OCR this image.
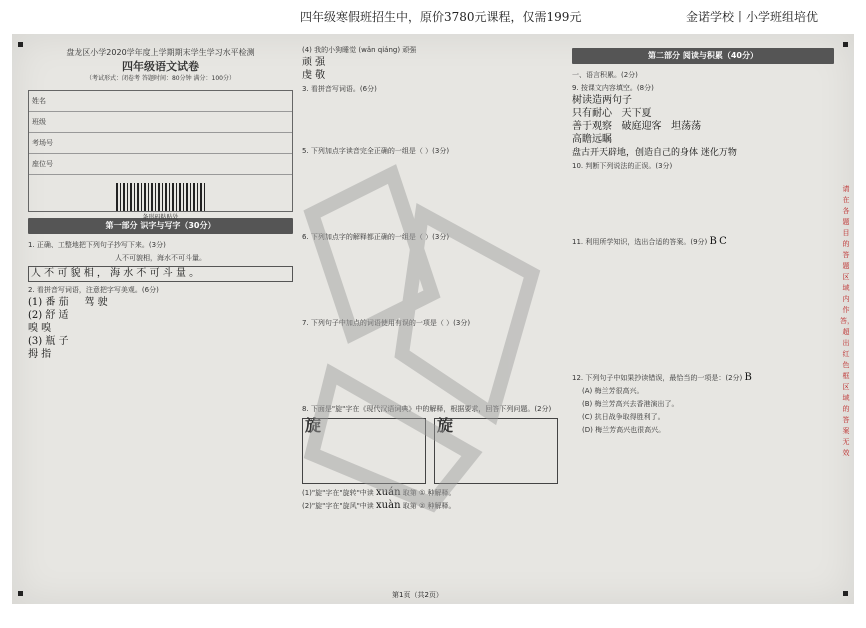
四年级寒假班招生中，原价3780元课程，仅需199元	金诺学校丨小学班组培优
盘龙区小学2020学年度上学期期末学生学习水平检测
四年级语文试卷
（考试形式：闭卷考 答题时间：80分钟 满分：100分）
姓名
班级
考场号
座位号
条形码粘贴处
第一部分 识字与写字（30分）
1. 正确、工整地把下列句子抄写下来。(3分)
人不可貌相，海水不可斗量。
人 不 可 貌 相 ， 海 水 不 可 斗 量 。
2. 看拼音写词语，注意把字写美观。(6分)
(1) 番 茄 驾 驶
(2) 舒 适
嗅 嗅
(3) 瓶 子
拇 指
(4) 我的小狗睡觉 (wǎn qiáng) 顽强
顽 强
虔 敬
3. 看拼音写词语。(6分)
5. 下列加点字读音完全正确的一组是（ ）(3分)
6. 下列加点字的解释都正确的一组是（ ）(3分)
7. 下列句子中加点的词语使用有误的一项是（ ）(3分)
8. 下面是"旋"字在《现代汉语词典》中的解释，根据要求，回答下列问题。(2分)
旋	旋
(1)"旋"字在"旋转"中读 xuán 取第 ① 种解释。
(2)"旋"字在"旋风"中读 xuàn 取第 ② 种解释。
第二部分 阅读与积累（40分）
一、语言积累。(2分)
9. 按课文内容填空。(8分)
树读造两句子
只有耐心 天下夏
善于观察 破庭迎客 坦荡荡
高瞻远瞩
盘古开天辟地，创造自己的身体 迷化万物
10. 判断下列说法的正误。(3分)
11. 利用所学知识，选出合适的答案。(9分) B C
12. 下列句子中如果抄读错误，最恰当的一项是：(2分) B
(A) 梅兰芳很高兴。
(B) 梅兰芳高兴去香港演出了。
(C) 抗日战争取得胜利了。
(D) 梅兰芳高兴也很高兴。
请在各题目的答题区域内作答，超出红色框区域的答案无效
第1页（共2页）
